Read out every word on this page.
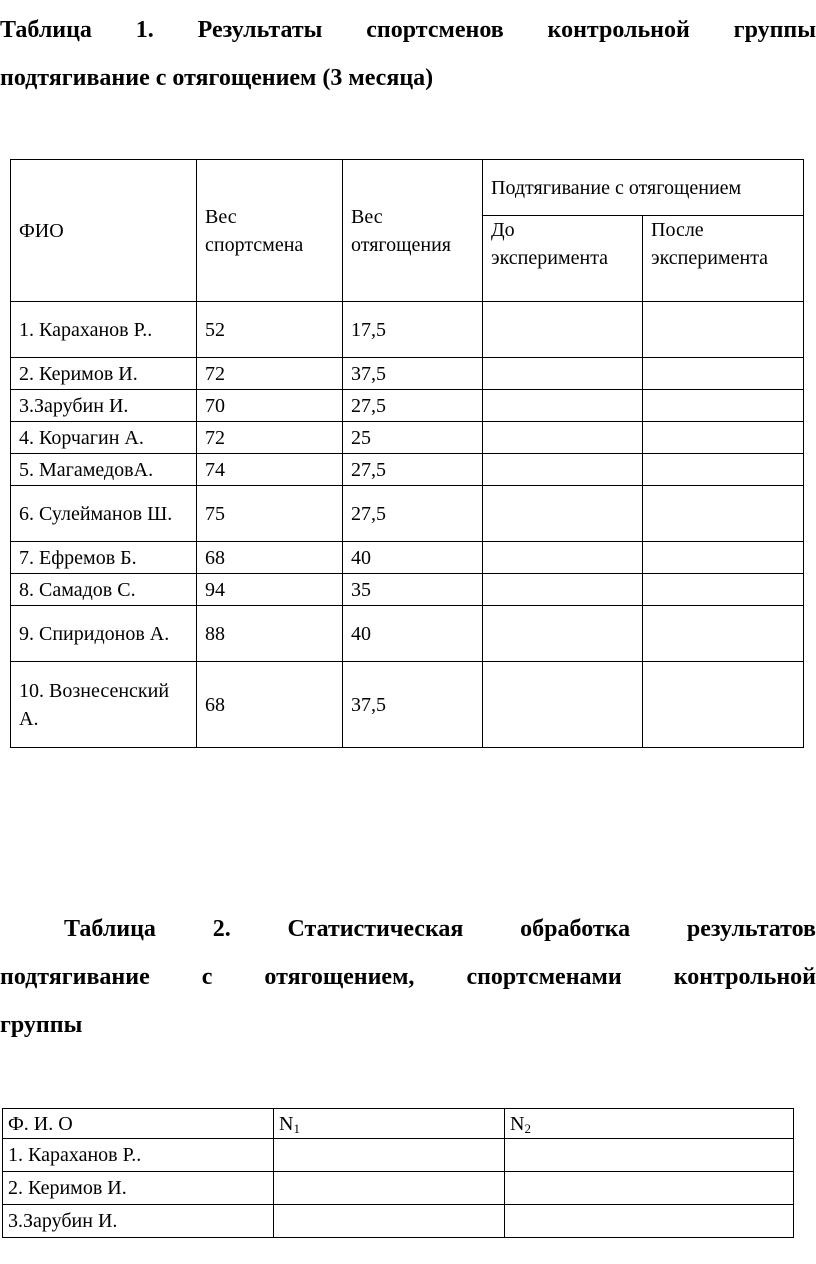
Таблица 1. Результаты спортсменов контрольной группы
подтягивание с отягощением (3 месяца)

ФИО	Вес спортсмена	Вес отягощения	Подтягивание с отягощением	
			До эксперимента	После эксперимента
1. Караханов Р..	52	17,5		
2. Керимов И.	72	37,5		
3.Зарубин И.	70	27,5		
4. Корчагин А.	72	25		
5. МагамедовА.	74	27,5		
6. Сулейманов Ш.	75	27,5		
7. Ефремов Б.	68	40		
8. Самадов С.	94	35		
9. Спиридонов А.	88	40		
10. Вознесенский А.	68	37,5		

Таблица 2. Статистическая обработка результатов
подтягивание с отягощением, спортсменами контрольной
группы

Ф. И. О	$N_1$	$N_2$
1. Караханов Р..		
2. Керимов И.		
3.Зарубин И.		
